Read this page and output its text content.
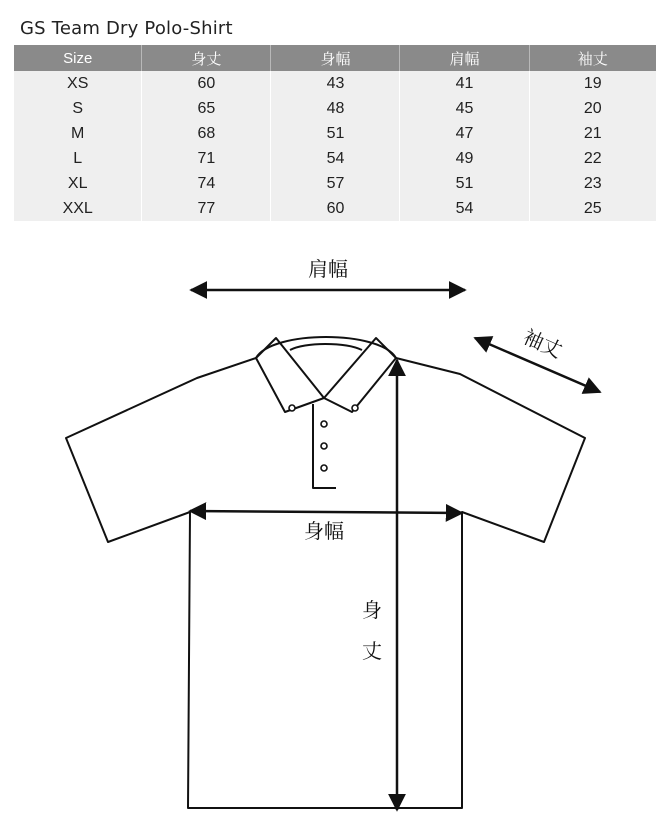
GS Team Dry Polo-Shirt
Size	身丈	身幅	肩幅	袖丈
XS	60	43	41	19
S	65	48	45	20
M	68	51	47	21
L	71	54	49	22
XL	74	57	51	23
XXL	77	60	54	25
肩幅
袖丈
身幅
身
丈
